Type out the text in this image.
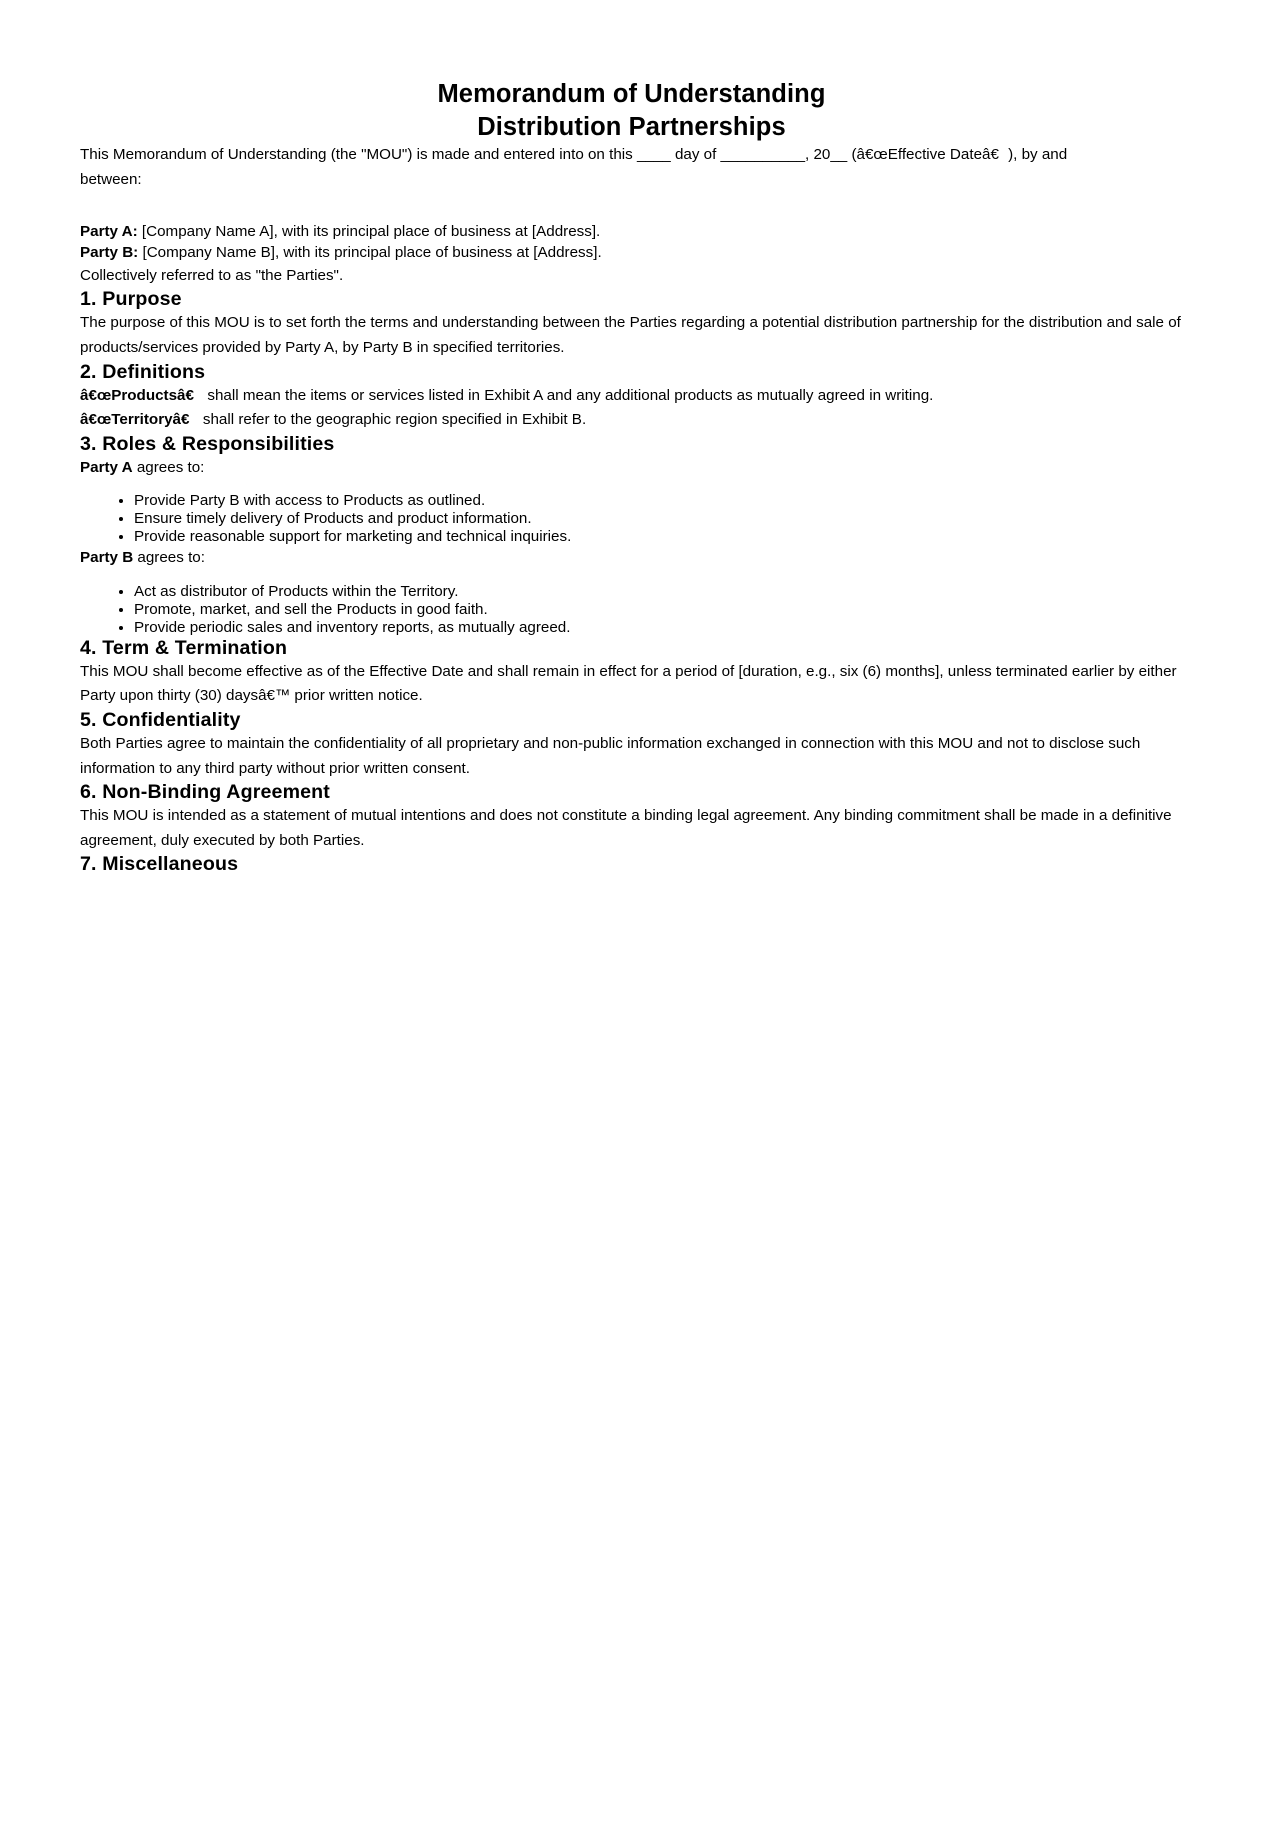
Memorandum of Understanding
Distribution Partnerships

This Memorandum of Understanding (the "MOU") is made and entered into on this ____ day of __________, 20__ (â€œEffective Dateâ€), by and between:

Party A: [Company Name A], with its principal place of business at [Address].
Party B: [Company Name B], with its principal place of business at [Address].

Collectively referred to as "the Parties".

1. Purpose

The purpose of this MOU is to set forth the terms and understanding between the Parties regarding a potential distribution partnership for the distribution and sale of products/services provided by Party A, by Party B in specified territories.

2. Definitions

â€œProductsâ€ shall mean the items or services listed in Exhibit A and any additional products as mutually agreed in writing.

â€œTerritoryâ€ shall refer to the geographic region specified in Exhibit B.

3. Roles & Responsibilities

Party A agrees to:

• Provide Party B with access to Products as outlined.
• Ensure timely delivery of Products and product information.
• Provide reasonable support for marketing and technical inquiries.

Party B agrees to:

• Act as distributor of Products within the Territory.
• Promote, market, and sell the Products in good faith.
• Provide periodic sales and inventory reports, as mutually agreed.
4. Term & Termination

This MOU shall become effective as of the Effective Date and shall remain in effect for a period of [duration, e.g., six (6) months], unless terminated earlier by either Party upon thirty (30) daysâ€™ prior written notice.

5. Confidentiality

Both Parties agree to maintain the confidentiality of all proprietary and non-public information exchanged in connection with this MOU and not to disclose such information to any third party without prior written consent.

6. Non-Binding Agreement

This MOU is intended as a statement of mutual intentions and does not constitute a binding legal agreement. Any binding commitment shall be made in a definitive agreement, duly executed by both Parties.

7. Miscellaneous
